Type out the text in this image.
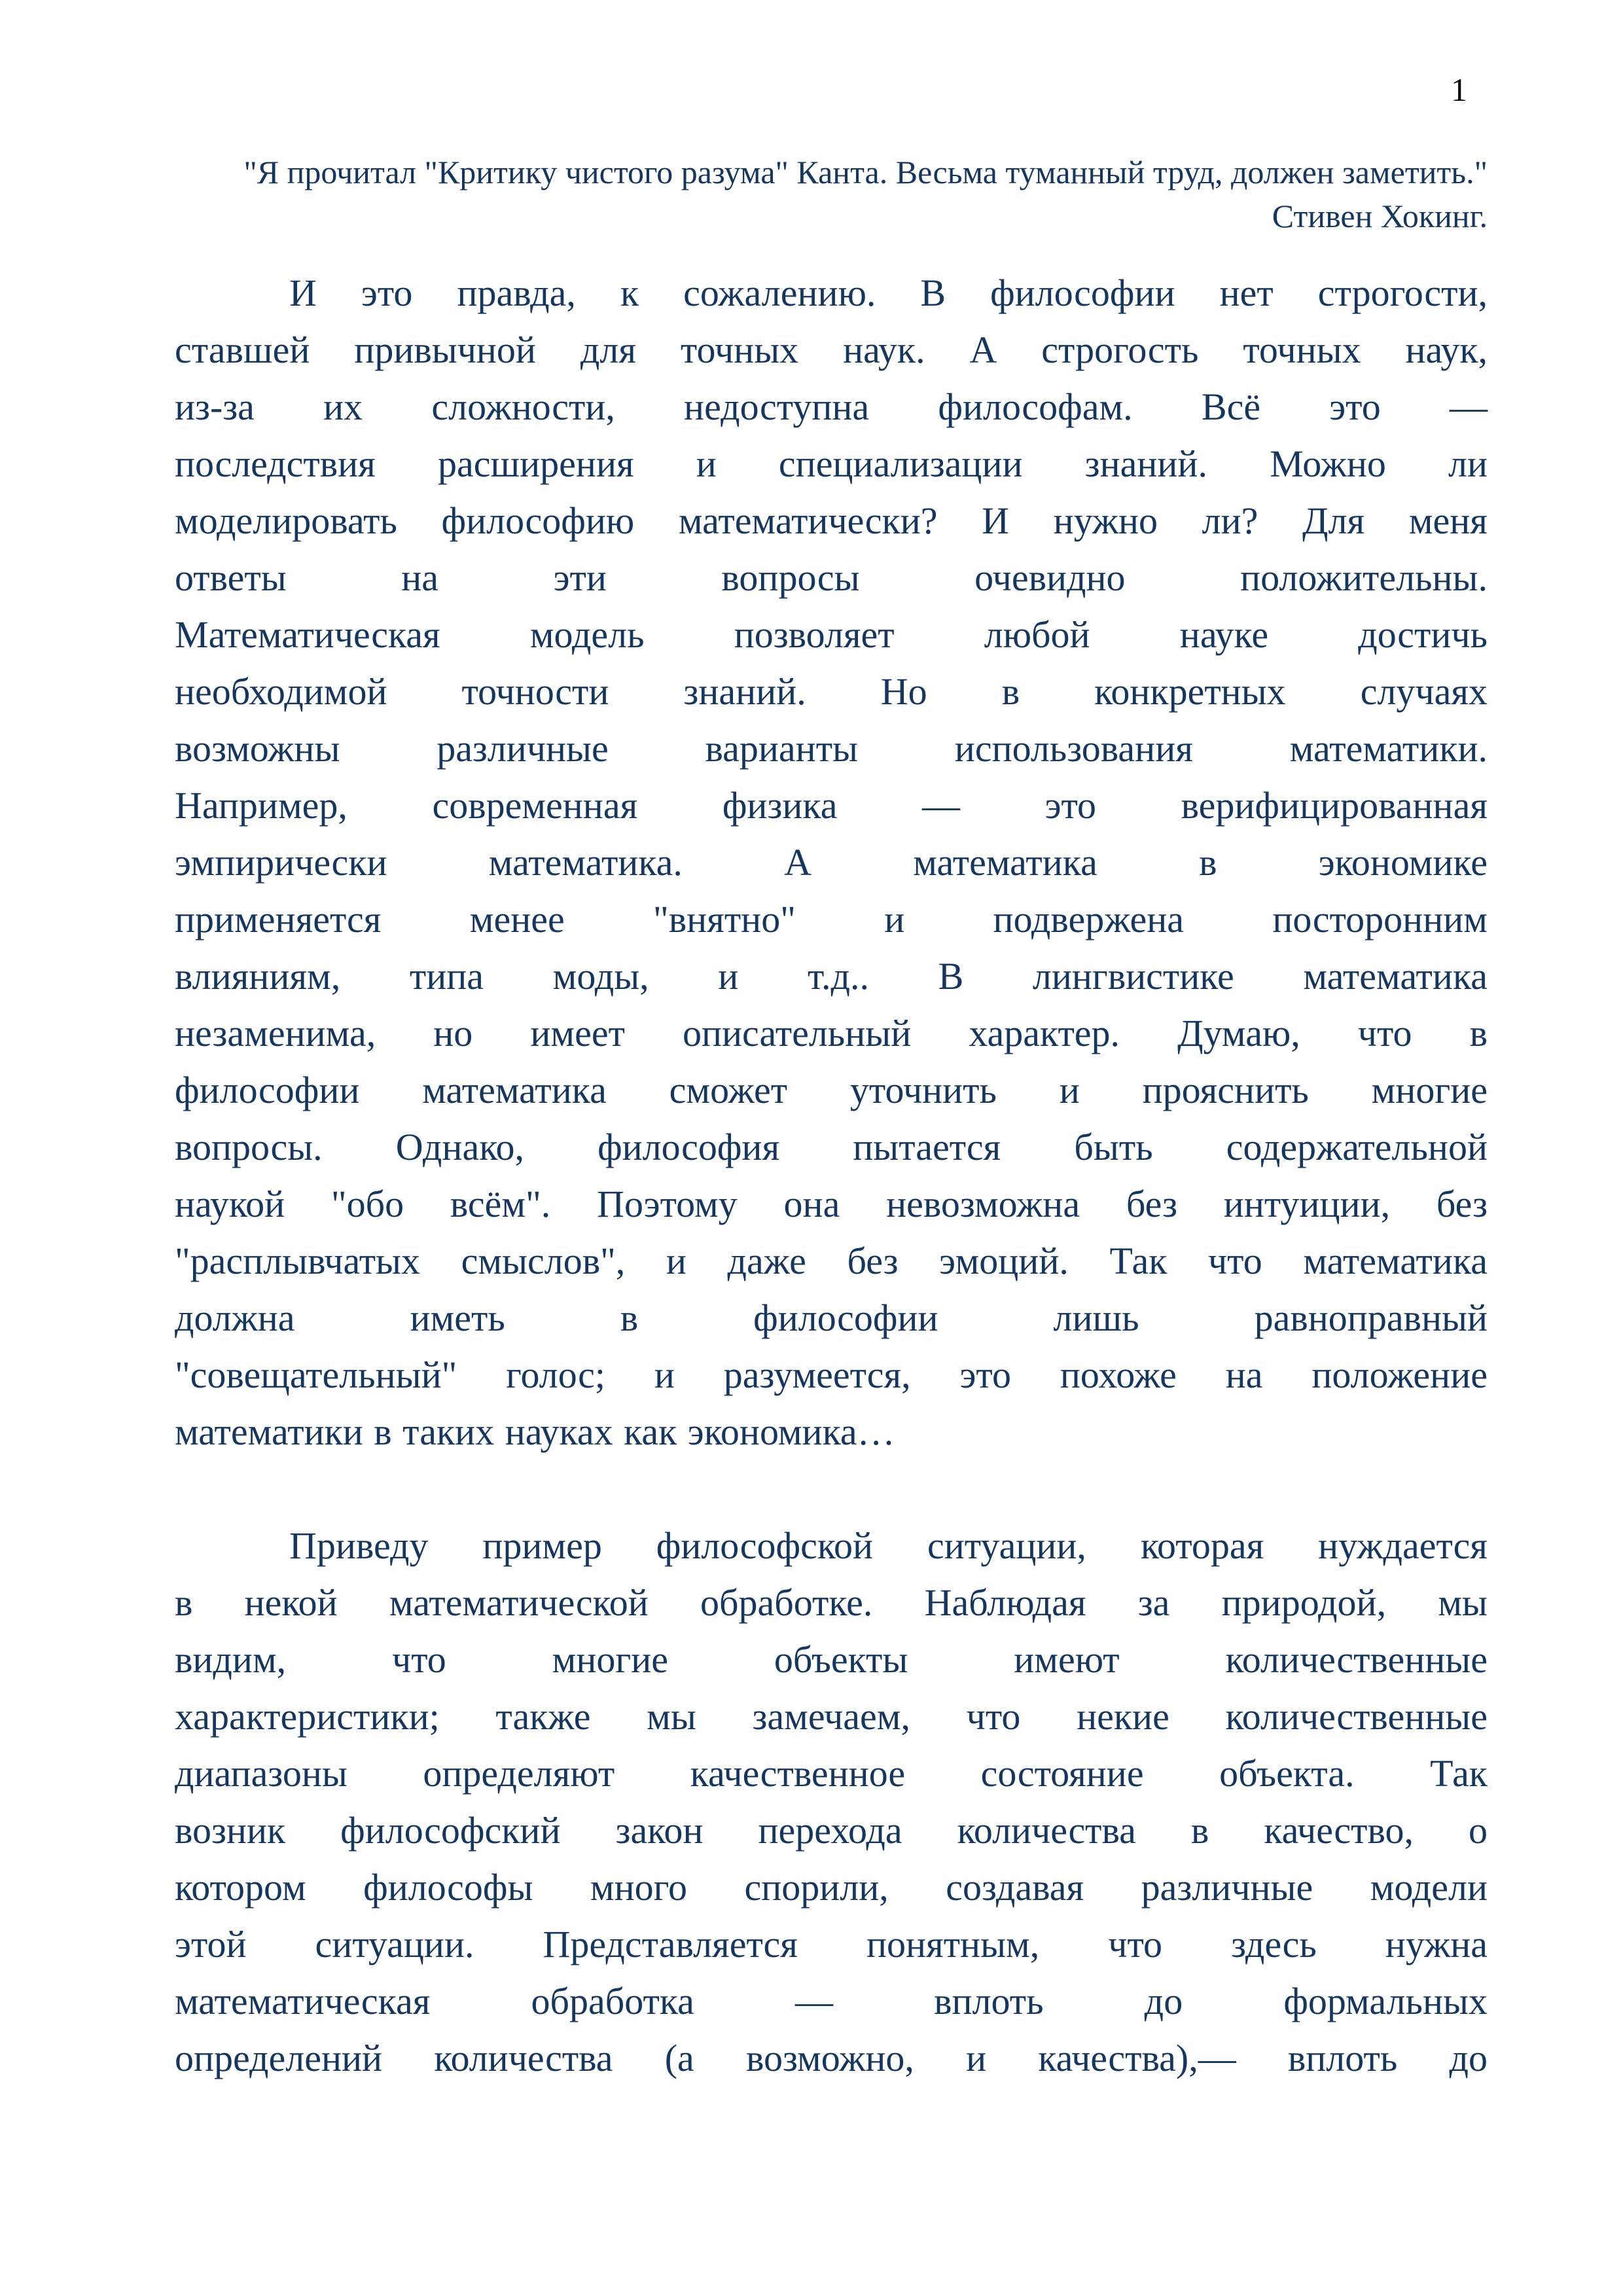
1
"Я прочитал "Критику чистого разума" Канта. Весьма туманный труд, должен заметить."
Стивен Хокинг.
И это правда, к сожалению. В философии нет строгости,
ставшей привычной для точных наук. А строгость точных наук,
из-за их сложности, недоступна философам. Всё это —
последствия расширения и специализации знаний. Можно ли
моделировать философию математически? И нужно ли? Для меня
ответы на эти вопросы очевидно положительны.
Математическая модель позволяет любой науке достичь
необходимой точности знаний. Но в конкретных случаях
возможны различные варианты использования математики.
Например, современная физика — это верифицированная
эмпирически математика. А математика в экономике
применяется менее "внятно" и подвержена посторонним
влияниям, типа моды, и т.д.. В лингвистике математика
незаменима, но имеет описательный характер. Думаю, что в
философии математика сможет уточнить и прояснить многие
вопросы. Однако, философия пытается быть содержательной
наукой "обо всём". Поэтому она невозможна без интуиции, без
"расплывчатых смыслов", и даже без эмоций. Так что математика
должна иметь в философии лишь равноправный
"совещательный" голос; и разумеется, это похоже на положение
математики в таких науках как экономика…
Приведу пример философской ситуации, которая нуждается
в некой математической обработке. Наблюдая за природой, мы
видим, что многие объекты имеют количественные
характеристики; также мы замечаем, что некие количественные
диапазоны определяют качественное состояние объекта. Так
возник философский закон перехода количества в качество, о
котором философы много спорили, создавая различные модели
этой ситуации. Представляется понятным, что здесь нужна
математическая обработка — вплоть до формальных
определений количества (а возможно, и качества),— вплоть до
